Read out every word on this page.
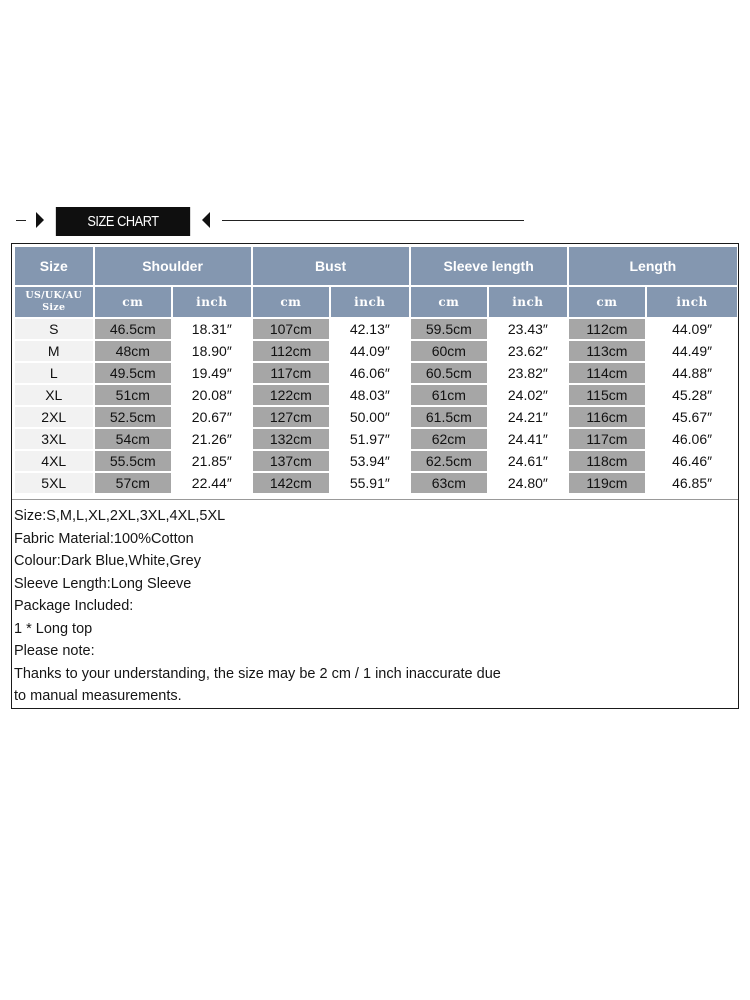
SIZE CHART
Size	Shoulder		Bust		Sleeve length		Length	

US/UK/AU
Size	cm	inch	cm	inch	cm	inch	cm	inch
S	46.5cm	18.31″	107cm	42.13″	59.5cm	23.43″	112cm	44.09″
M	48cm	18.90″	112cm	44.09″	60cm	23.62″	113cm	44.49″
L	49.5cm	19.49″	117cm	46.06″	60.5cm	23.82″	114cm	44.88″
XL	51cm	20.08″	122cm	48.03″	61cm	24.02″	115cm	45.28″
2XL	52.5cm	20.67″	127cm	50.00″	61.5cm	24.21″	116cm	45.67″
3XL	54cm	21.26″	132cm	51.97″	62cm	24.41″	117cm	46.06″
4XL	55.5cm	21.85″	137cm	53.94″	62.5cm	24.61″	118cm	46.46″
5XL	57cm	22.44″	142cm	55.91″	63cm	24.80″	119cm	46.85″
Size:S,M,L,XL,2XL,3XL,4XL,5XL
Fabric Material:100%Cotton
Colour:Dark Blue,White,Grey
Sleeve Length:Long Sleeve
Package Included:
1 * Long top
Please note:
Thanks to your understanding, the size may be 2 cm / 1 inch inaccurate due
to manual measurements.
